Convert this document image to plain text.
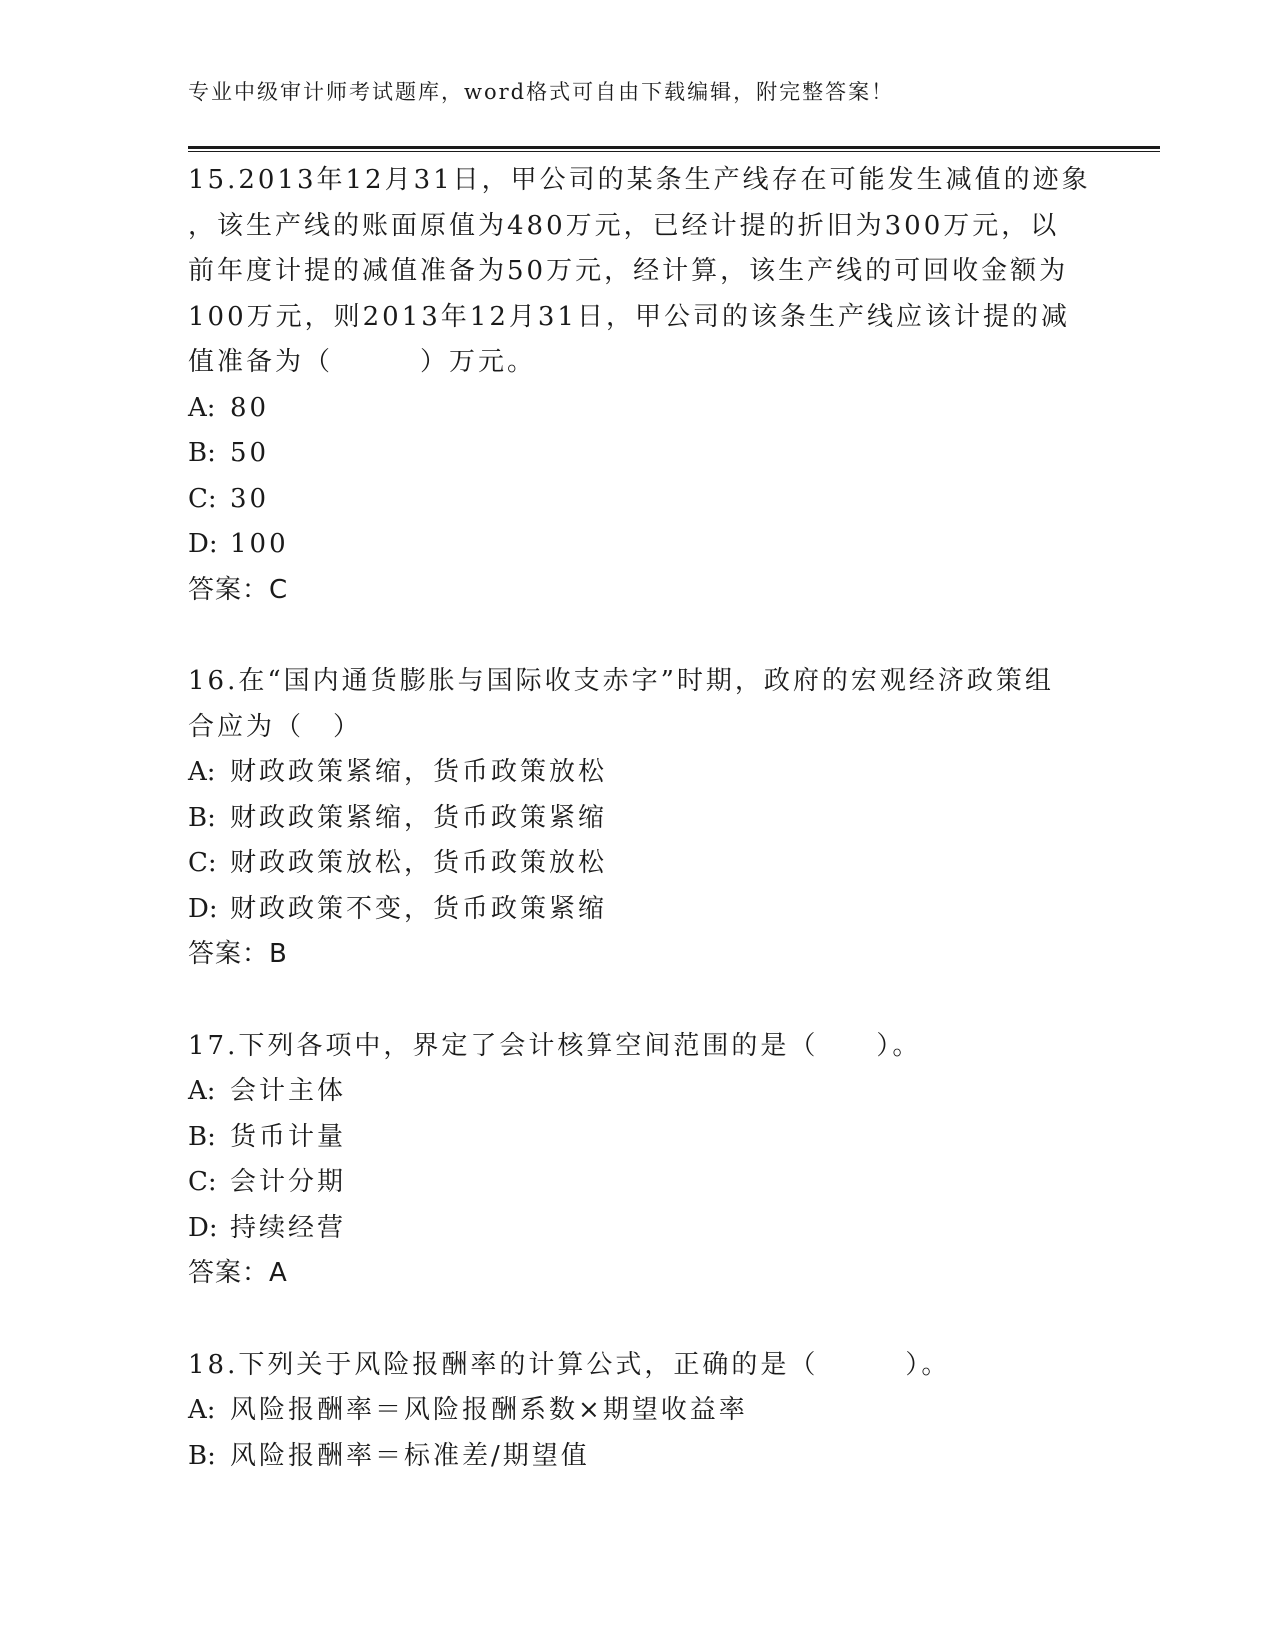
专业中级审计师考试题库，word格式可自由下载编辑，附完整答案！
15.2013年12月31日，甲公司的某条生产线存在可能发生减值的迹象
，该生产线的账面原值为480万元，已经计提的折旧为300万元，以
前年度计提的减值准备为50万元，经计算，该生产线的可回收金额为
100万元，则2013年12月31日，甲公司的该条生产线应该计提的减
值准备为（　　　）万元。
A: 80
B: 50
C: 30
D: 100
答案：C
16.在“国内通货膨胀与国际收支赤字”时期，政府的宏观经济政策组
合应为（　）
A: 财政政策紧缩，货币政策放松
B: 财政政策紧缩，货币政策紧缩
C: 财政政策放松，货币政策放松
D: 财政政策不变，货币政策紧缩
答案：B
17.下列各项中，界定了会计核算空间范围的是（　　）。
A: 会计主体
B: 货币计量
C: 会计分期
D: 持续经营
答案：A
18.下列关于风险报酬率的计算公式，正确的是（　　　）。
A: 风险报酬率＝风险报酬系数×期望收益率
B: 风险报酬率＝标准差/期望值
